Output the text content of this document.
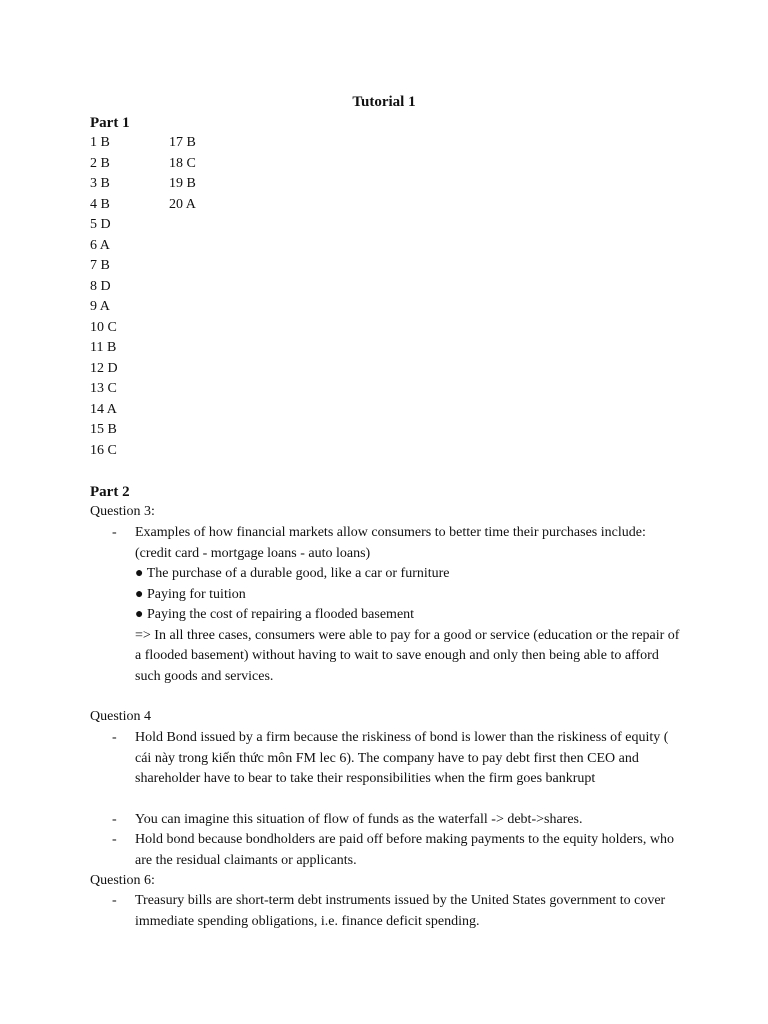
Tutorial 1
Part 1
1 B	17 B
2 B	18 C
3 B	19 B
4 B	20 A
5 D
6 A
7 B
8 D
9 A
10 C
11 B
12 D
13 C
14 A
15 B
16 C
Part 2
Question 3:
- Examples of how financial markets allow consumers to better time their purchases include: (credit card - mortgage loans - auto loans)
● The purchase of a durable good, like a car or furniture
● Paying for tuition
● Paying the cost of repairing a flooded basement
=> In all three cases, consumers were able to pay for a good or service (education or the repair of a flooded basement) without having to wait to save enough and only then being able to afford such goods and services.
Question 4
- Hold Bond issued by a firm because the riskiness of bond is lower than the riskiness of equity ( cái này trong kiến thức môn FM lec 6). The company have to pay debt first then CEO and shareholder have to bear to take their responsibilities when the firm goes bankrupt
- You can imagine this situation of flow of funds as the waterfall -> debt->shares.
- Hold bond because bondholders are paid off before making payments to the equity holders, who are the residual claimants or applicants.
Question 6:
- Treasury bills are short-term debt instruments issued by the United States government to cover immediate spending obligations, i.e. finance deficit spending.
